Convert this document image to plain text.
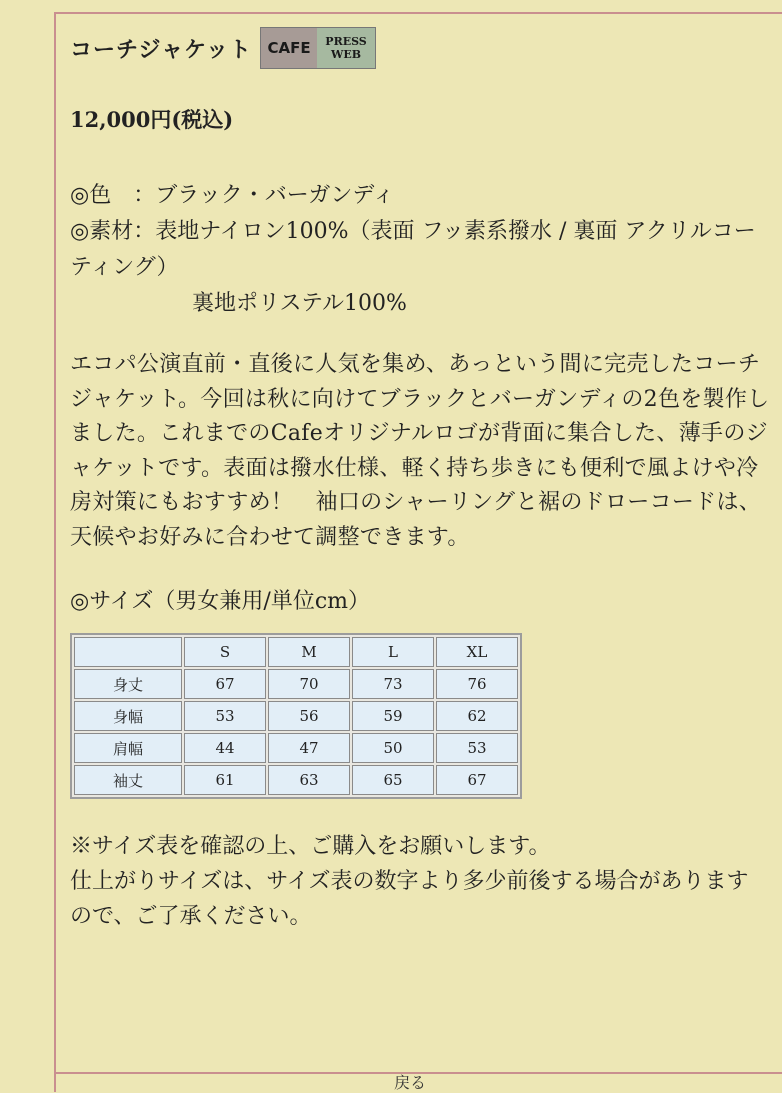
コーチジャケット	CAFE	PRESS
WEB
12,000円(税込)
◎色　：ブラック・バーガンディ
◎素材：表地ナイロン100%（表面 フッ素系撥水 / 裏面 アクリルコーティング）
裏地ポリステル100%
エコパ公演直前・直後に人気を集め、あっという間に完売したコーチジャケット。今回は秋に向けてブラックとバーガンディの2色を製作しました。これまでのCafeオリジナルロゴが背面に集合した、薄手のジャケットです。表面は撥水仕様、軽く持ち歩きにも便利で風よけや冷房対策にもおすすめ！　袖口のシャーリングと裾のドローコードは、天候やお好みに合わせて調整できます。
◎サイズ（男女兼用/単位cm）
	S	M	L	XL
身丈	67	70	73	76
身幅	53	56	59	62
肩幅	44	47	50	53
袖丈	61	63	65	67
※サイズ表を確認の上、ご購入をお願いします。
仕上がりサイズは、サイズ表の数字より多少前後する場合がありますので、ご了承ください。
戻る
